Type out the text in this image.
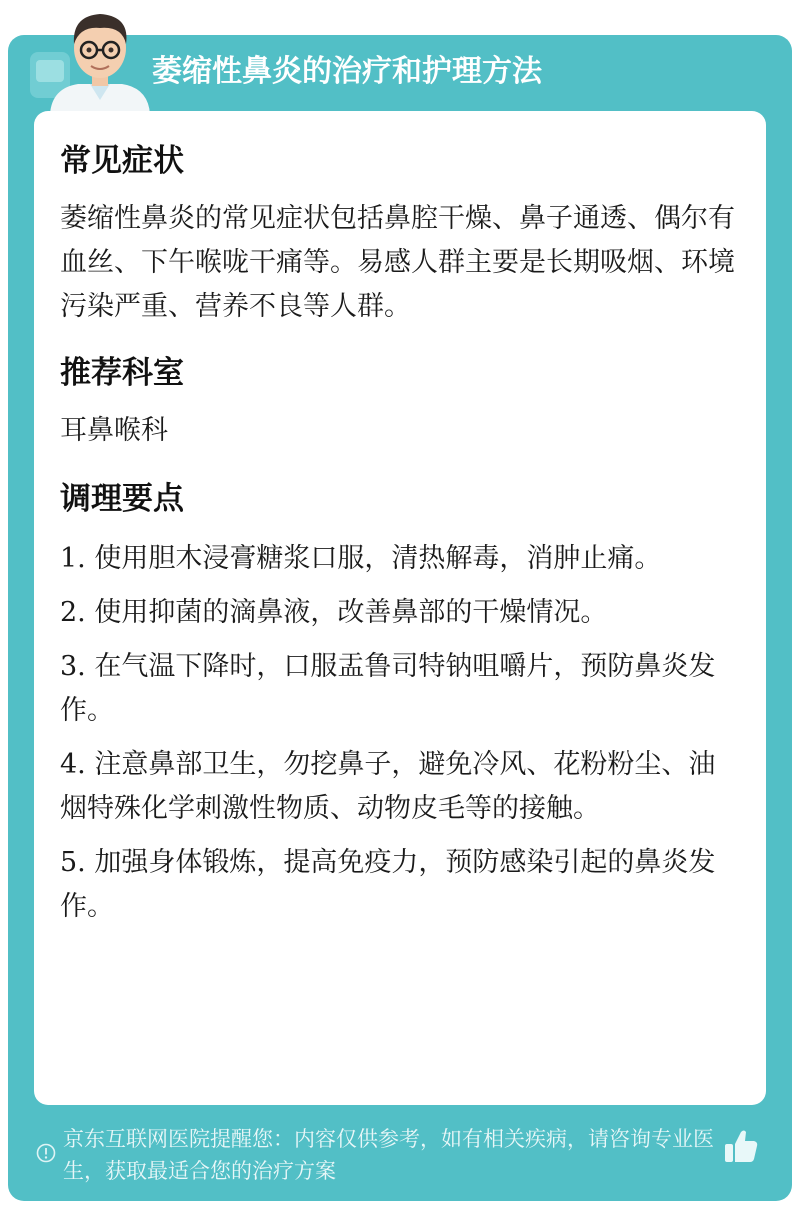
萎缩性鼻炎的治疗和护理方法
常见症状

萎缩性鼻炎的常见症状包括鼻腔干燥、鼻子通透、偶尔有血丝、下午喉咙干痛等。易感人群主要是长期吸烟、环境污染严重、营养不良等人群。

推荐科室

耳鼻喉科

调理要点

1. 使用胆木浸膏糖浆口服，清热解毒，消肿止痛。

2. 使用抑菌的滴鼻液，改善鼻部的干燥情况。

3. 在气温下降时，口服盂鲁司特钠咀嚼片，预防鼻炎发作。

4. 注意鼻部卫生，勿挖鼻子，避免冷风、花粉粉尘、油烟特殊化学刺激性物质、动物皮毛等的接触。

5. 加强身体锻炼，提高免疫力，预防感染引起的鼻炎发作。

京东互联网医院提醒您：内容仅供参考，如有相关疾病，请咨询专业医生，获取最适合您的治疗方案
